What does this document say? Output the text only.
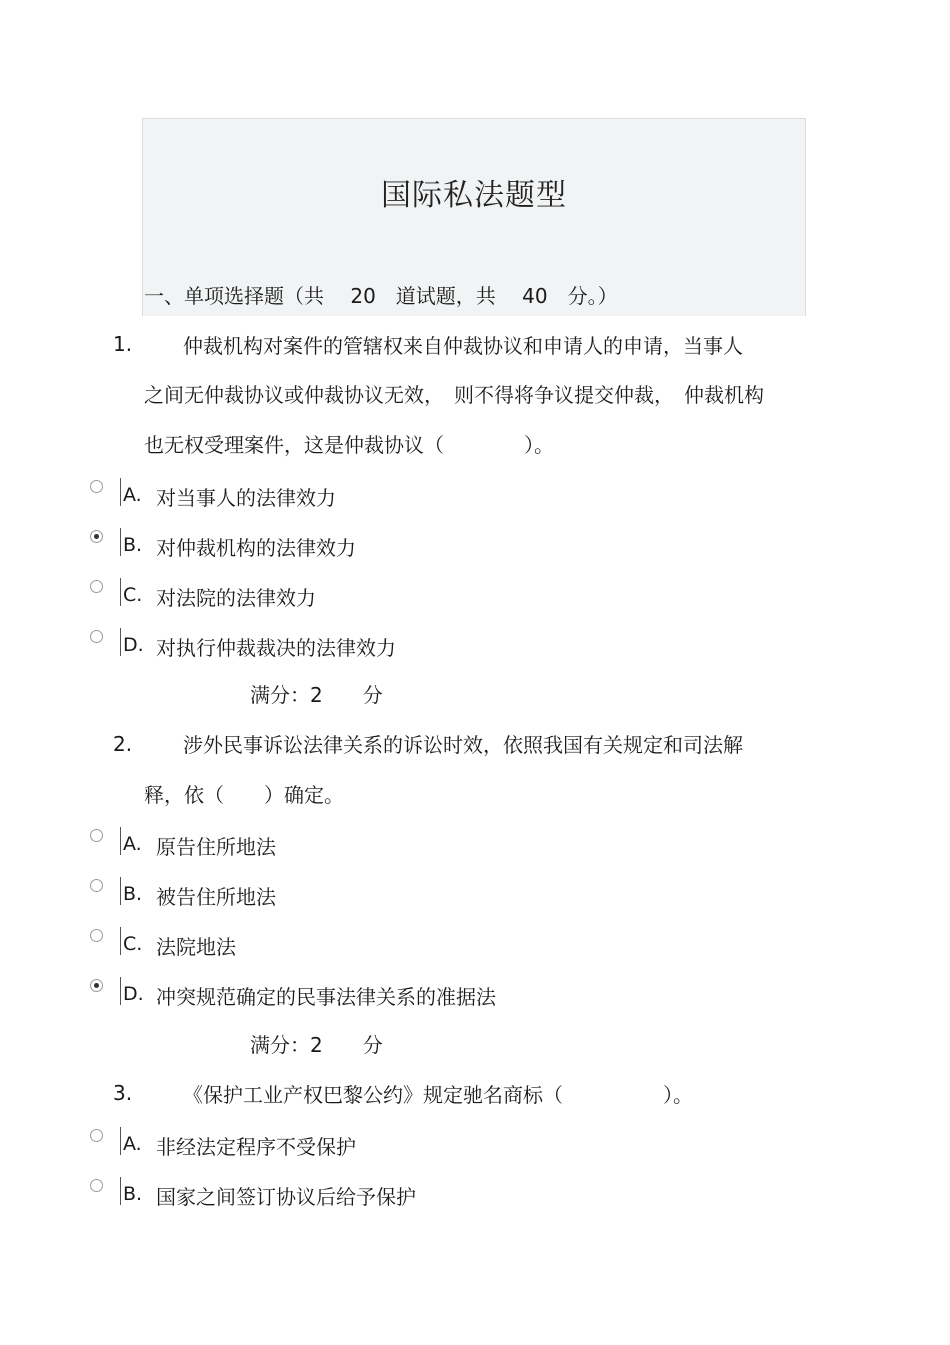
国际私法题型
一、单项选择题（共　 20　道试题，共　 40　分。）
1.	仲裁机构对案件的管辖权来自仲裁协议和申请人的申请，当事人
之间无仲裁协议或仲裁协议无效，　则不得将争议提交仲裁，　仲裁机构
也无权受理案件，这是仲裁协议（　　　　）。
A. 对当事人的法律效力
B. 对仲裁机构的法律效力
C. 对法院的法律效力
D. 对执行仲裁裁决的法律效力
满分：2　　 分
2.	涉外民事诉讼法律关系的诉讼时效，依照我国有关规定和司法解
释，依（　　）确定。
A. 原告住所地法
B. 被告住所地法
C. 法院地法
D. 冲突规范确定的民事法律关系的准据法
满分：2　　 分
3.	《保护工业产权巴黎公约》规定驰名商标（　　　　　）。
A. 非经法定程序不受保护
B. 国家之间签订协议后给予保护
